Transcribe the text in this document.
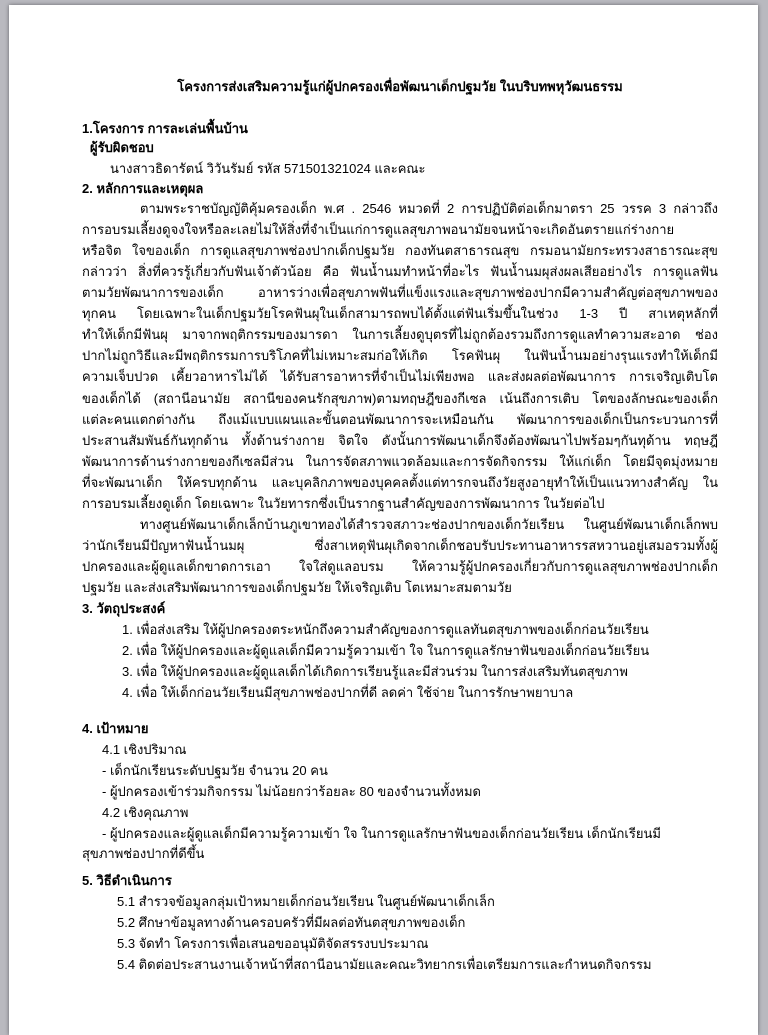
โครงการส่งเสริมความรู้แก่ผู้ปกครองเพื่อพัฒนาเด็กปฐมวัย ในบริบทพหุวัฒนธรรม
1.โครงการ การละเล่นพื้นบ้าน
ผู้รับผิดชอบ
นางสาวธิดารัตน์ วิวันรัมย์ รหัส 571501321024 และคณะ
2. หลักการและเหตุผล
ตามพระราชบัญญัติคุ้มครองเด็ก พ.ศ . 2546 หมวดที่ 2 การปฏิบัติต่อเด็กมาตรา 25 วรรค 3 กล่าวถึง
การอบรมเลี้ยงดูจงใจหรือละเลยไม่ให้สิ่งที่จำเป็นแก่การดูแลสุขภาพอนามัยจนหน้าจะเกิดอันตรายแก่ร่างกาย
หรือจิต ใจของเด็ก การดูแลสุขภาพช่องปากเด็กปฐมวัย กองทันตสาธารณสุข กรมอนามัยกระทรวงสาธารณะสุข
กล่าวว่า สิ่งที่ควรรู้เกี่ยวกับฟันเจ้าตัวน้อย คือ ฟันน้ำนมทำหน้าที่อะไร ฟันน้ำนมผุส่งผลเสียอย่างไร การดูแลฟัน
ตามวัยพัฒนาการของเด็ก	อาหารว่างเพื่อสุขภาพฟันที่แข็งแรงและสุขภาพช่องปากมีความสำคัญต่อสุขภาพของ
ทุกคน โดยเฉพาะในเด็กปฐมวัยโรคฟันผุในเด็กสามารถพบได้ตั้งแต่ฟันเริ่มขึ้นในช่วง 1-3 ปี สาเหตุหลักที่
ทำให้เด็กมีฟันผุ มาจากพฤติกรรมของมารดา ในการเลี้ยงดูบุตรที่ไม่ถูกต้องรวมถึงการดูแลทำความสะอาด ช่อง
ปากไม่ถูกวิธีและมีพฤติกรรมการบริโภคที่ไม่เหมาะสมก่อให้เกิด โรคฟันผุ ในฟันน้ำนมอย่างรุนแรงทำให้เด็กมี
ความเจ็บปวด เคี้ยวอาหารไม่ได้ ได้รับสารอาหารที่จำเป็นไม่เพียงพอ และส่งผลต่อพัฒนาการ การเจริญเติบโต
ของเด็กได้ (สถานีอนามัย สถานีของคนรักสุขภาพ)ตามทฤษฎีของกีเซล เน้นถึงการเติบ โตของลักษณะของเด็ก
แต่ละคนแตกต่างกัน ถึงแม้แบบแผนและขั้นตอนพัฒนาการจะเหมือนกัน พัฒนาการของเด็กเป็นกระบวนการที่
ประสานสัมพันธ์กันทุกด้าน ทั้งด้านร่างกาย จิตใจ ดังนั้นการพัฒนาเด็กจึงต้องพัฒนาไปพร้อมๆกันทุด้าน ทฤษฎี
พัฒนาการด้านร่างกายของกีเซลมีส่วน ในการจัดสภาพแวดล้อมและการจัดกิจกรรม ให้แก่เด็ก โดยมีจุดมุ่งหมาย
ที่จะพัฒนาเด็ก ให้ครบทุกด้าน และบุคลิกภาพของบุคคลตั้งแต่ทารกจนถึงวัยสูงอายุทำให้เป็นแนวทางสำคัญ ใน
การอบรมเลี้ยงดูเด็ก โดยเฉพาะ ในวัยทารกซึ่งเป็นรากฐานสำคัญของการพัฒนาการ ในวัยต่อไป
ทางศูนย์พัฒนาเด็กเล็กบ้านภูเขาทองได้สำรวจสภาวะช่องปากของเด็กวัยเรียน ในศูนย์พัฒนาเด็กเล็กพบ
ว่านักเรียนมีปัญหาฟันน้ำนมผุ	ซึ่งสาเหตุฟันผุเกิดจากเด็กชอบรับประทานอาหารรสหวานอยู่เสมอรวมทั้งผู้
ปกครองและผู้ดูแลเด็กขาดการเอา ใจใส่ดูแลอบรม ให้ความรู้ผู้ปกครองเกี่ยวกับการดูแลสุขภาพช่องปากเด็ก
ปฐมวัย และส่งเสริมพัฒนาการของเด็กปฐมวัย ให้เจริญเติบ โตเหมาะสมตามวัย
3. วัตถุประสงค์
1. เพื่อส่งเสริม ให้ผู้ปกครองตระหนักถึงความสำคัญของการดูแลทันตสุขภาพของเด็กก่อนวัยเรียน
2. เพื่อ ให้ผู้ปกครองและผู้ดูแลเด็กมีความรู้ความเข้า ใจ ในการดูแลรักษาฟันของเด็กก่อนวัยเรียน
3. เพื่อ ให้ผู้ปกครองและผู้ดูแลเด็กได้เกิดการเรียนรู้และมีส่วนร่วม ในการส่งเสริมทันตสุขภาพ
4. เพื่อ ให้เด็กก่อนวัยเรียนมีสุขภาพช่องปากที่ดี ลดค่า ใช้จ่าย ในการรักษาพยาบาล
4. เป้าหมาย
4.1 เชิงปริมาณ
- เด็กนักเรียนระดับปฐมวัย จำนวน 20 คน
- ผู้ปกครองเข้าร่วมกิจกรรม ไม่น้อยกว่าร้อยละ 80 ของจำนวนทั้งหมด
4.2 เชิงคุณภาพ
- ผู้ปกครองและผู้ดูแลเด็กมีความรู้ความเข้า ใจ ในการดูแลรักษาฟันของเด็กก่อนวัยเรียน เด็กนักเรียนมี
สุขภาพช่องปากที่ดีขึ้น
5. วิธีดำเนินการ
5.1 สำรวจข้อมูลกลุ่มเป้าหมายเด็กก่อนวัยเรียน ในศูนย์พัฒนาเด็กเล็ก
5.2 ศึกษาข้อมูลทางด้านครอบครัวที่มีผลต่อทันตสุขภาพของเด็ก
5.3 จัดทำ โครงการเพื่อเสนอขออนุมัติจัดสรรงบประมาณ
5.4 ติดต่อประสานงานเจ้าหน้าที่สถานีอนามัยและคณะวิทยากรเพื่อเตรียมการและกำหนดกิจกรรม
